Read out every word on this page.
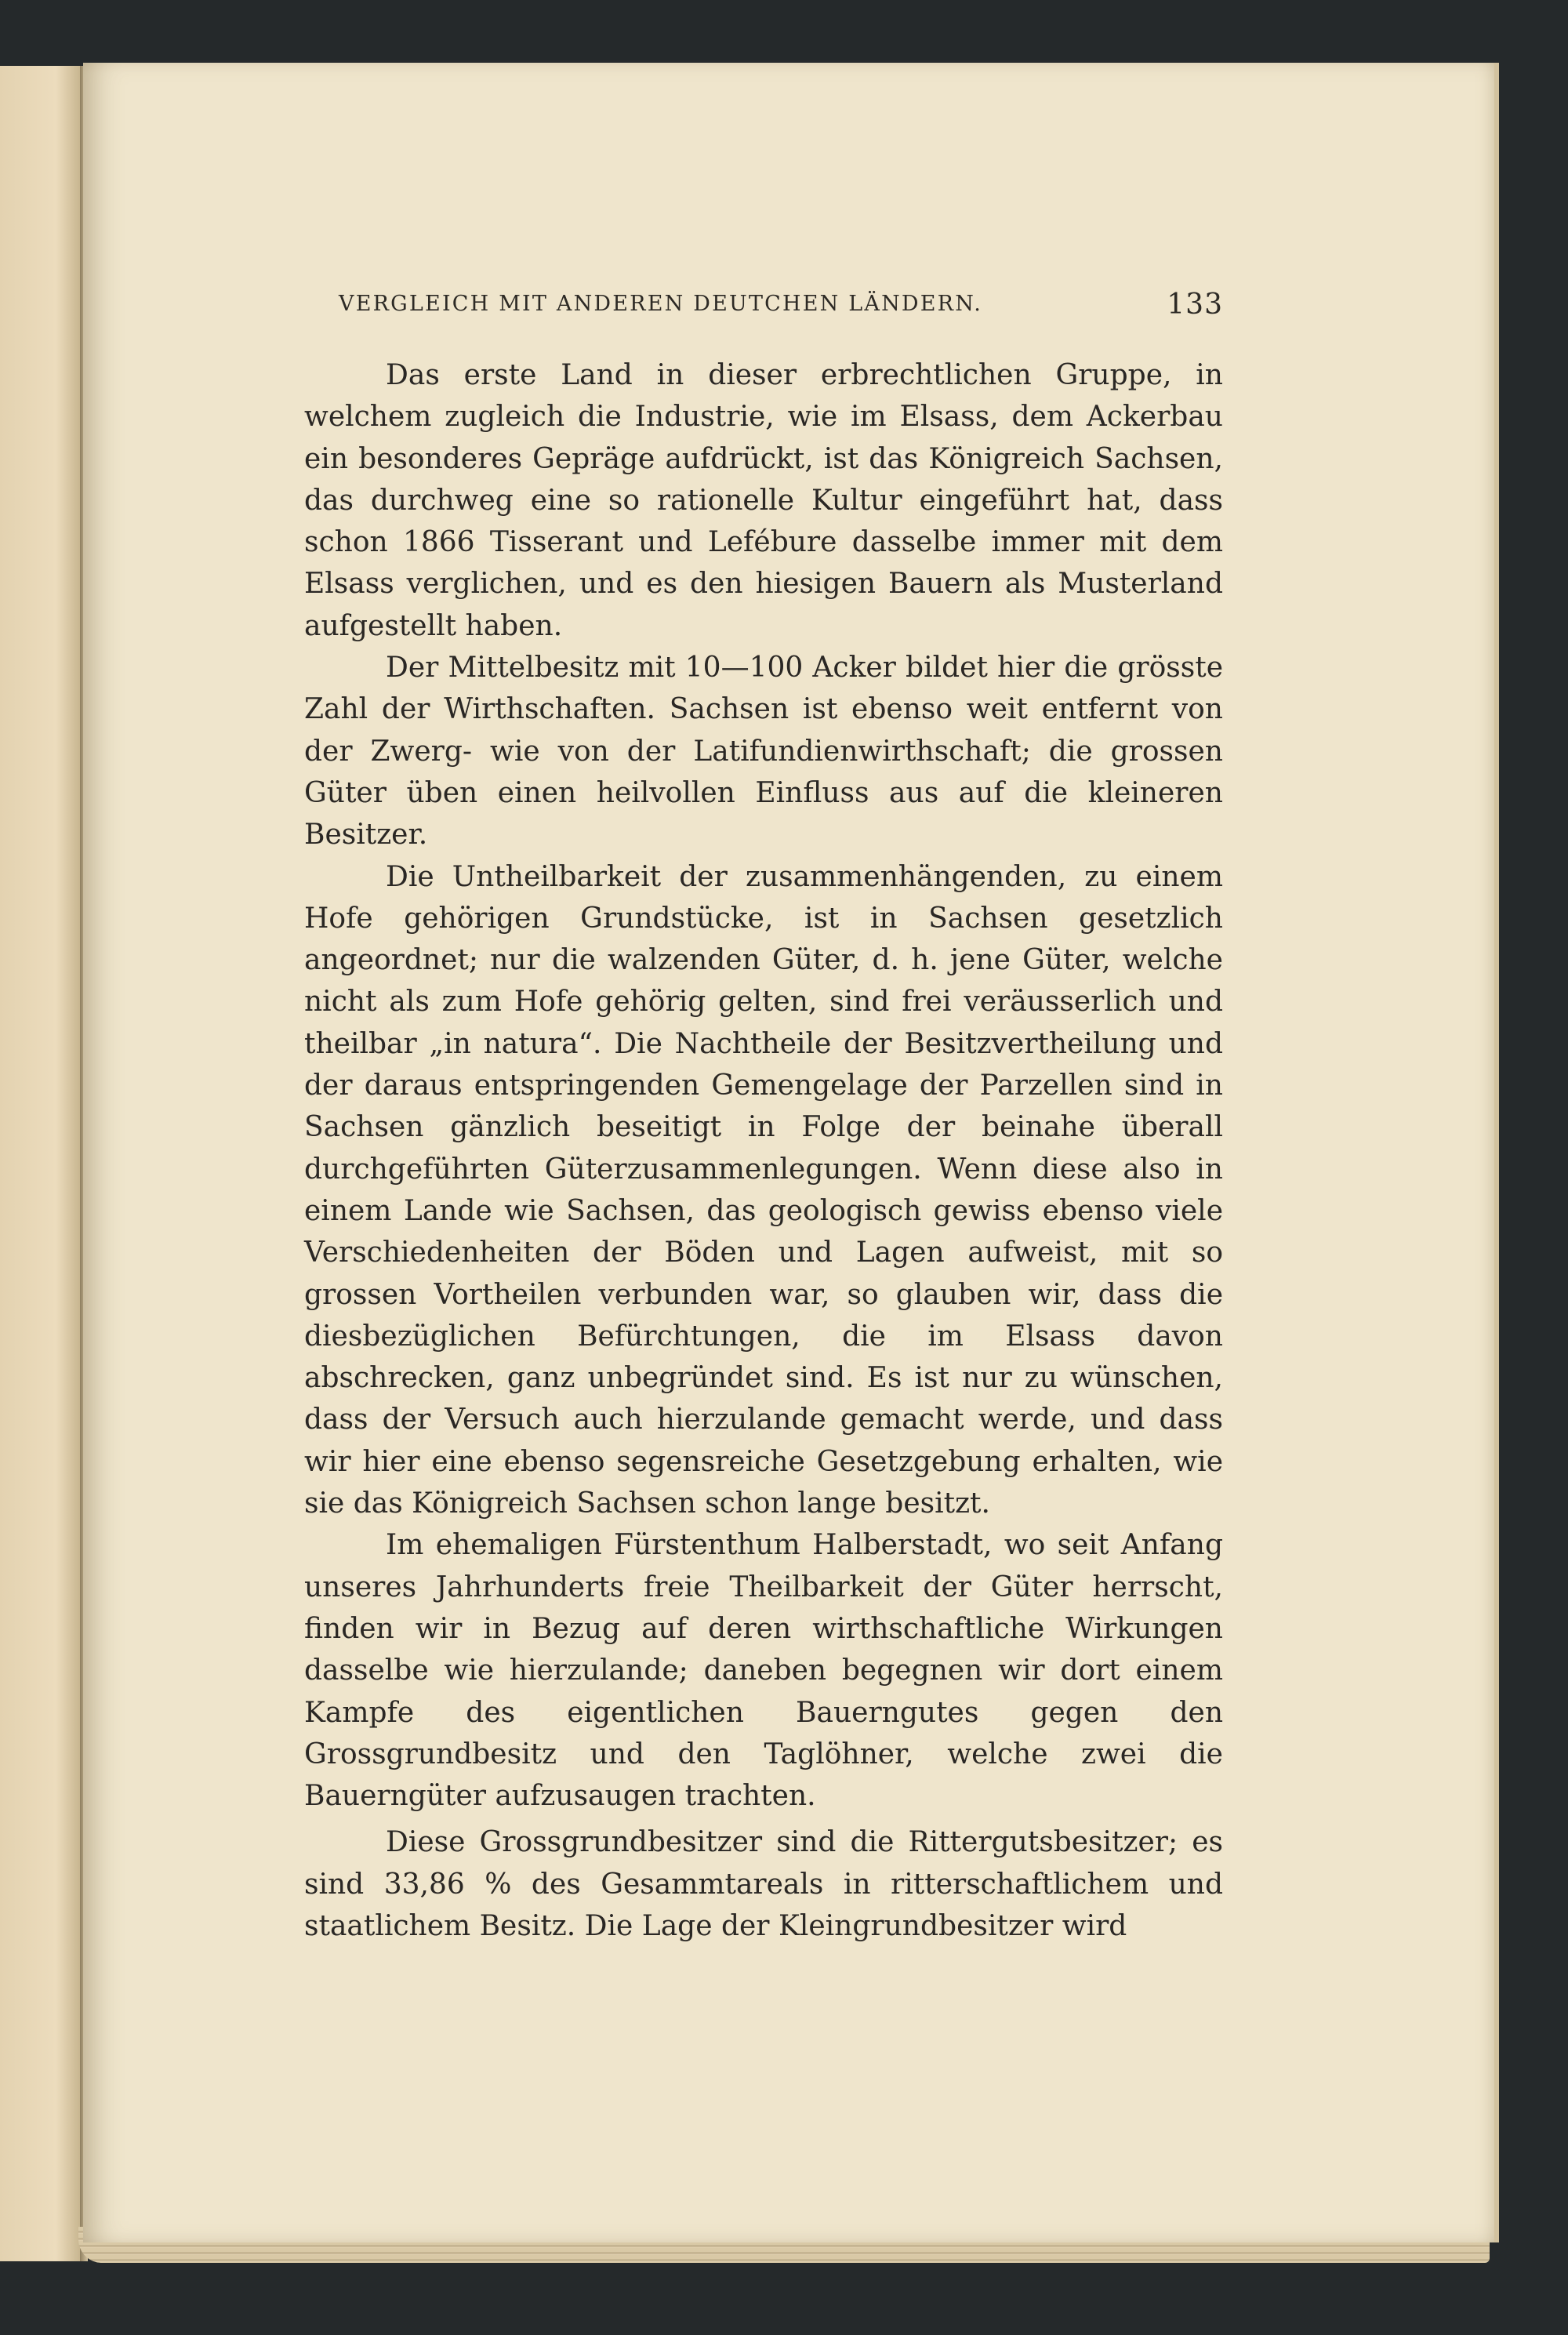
VERGLEICH MIT ANDEREN DEUTCHEN LÄNDERN.	133

Das erste Land in dieser erbrechtlichen Gruppe, in welchem zugleich die Industrie, wie im Elsass, dem Ackerbau ein besonderes Gepräge aufdrückt, ist das Königreich Sachsen, das durchweg eine so rationelle Kultur eingeführt hat, dass schon 1866 Tisserant und Lefébure dasselbe immer mit dem Elsass verglichen, und es den hiesigen Bauern als Musterland aufgestellt haben.

Der Mittelbesitz mit 10—100 Acker bildet hier die grösste Zahl der Wirthschaften. Sachsen ist ebenso weit entfernt von der Zwerg- wie von der Latifundienwirthschaft; die grossen Güter üben einen heilvollen Einfluss aus auf die kleineren Besitzer.

Die Untheilbarkeit der zusammenhängenden, zu einem Hofe gehörigen Grundstücke, ist in Sachsen gesetzlich angeordnet; nur die walzenden Güter, d. h. jene Güter, welche nicht als zum Hofe gehörig gelten, sind frei veräusserlich und theilbar „in natura“. Die Nachtheile der Besitzvertheilung und der daraus entspringenden Gemengelage der Parzellen sind in Sachsen gänzlich beseitigt in Folge der beinahe überall durchgeführten Güterzusammenlegungen. Wenn diese also in einem Lande wie Sachsen, das geologisch gewiss ebenso viele Verschiedenheiten der Böden und Lagen aufweist, mit so grossen Vortheilen verbunden war, so glauben wir, dass die diesbezüglichen Befürchtungen, die im Elsass davon abschrecken, ganz unbegründet sind. Es ist nur zu wünschen, dass der Versuch auch hierzulande gemacht werde, und dass wir hier eine ebenso segensreiche Gesetzgebung erhalten, wie sie das Königreich Sachsen schon lange besitzt.

Im ehemaligen Fürstenthum Halberstadt, wo seit Anfang unseres Jahrhunderts freie Theilbarkeit der Güter herrscht, finden wir in Bezug auf deren wirthschaftliche Wirkungen dasselbe wie hierzulande; daneben begegnen wir dort einem Kampfe des eigentlichen Bauerngutes gegen den Grossgrundbesitz und den Taglöhner, welche zwei die Bauerngüter aufzusaugen trachten.

Diese Grossgrundbesitzer sind die Rittergutsbesitzer; es sind 33,86 % des Gesammtareals in ritterschaftlichem und staatlichem Besitz. Die Lage der Kleingrundbesitzer wird
